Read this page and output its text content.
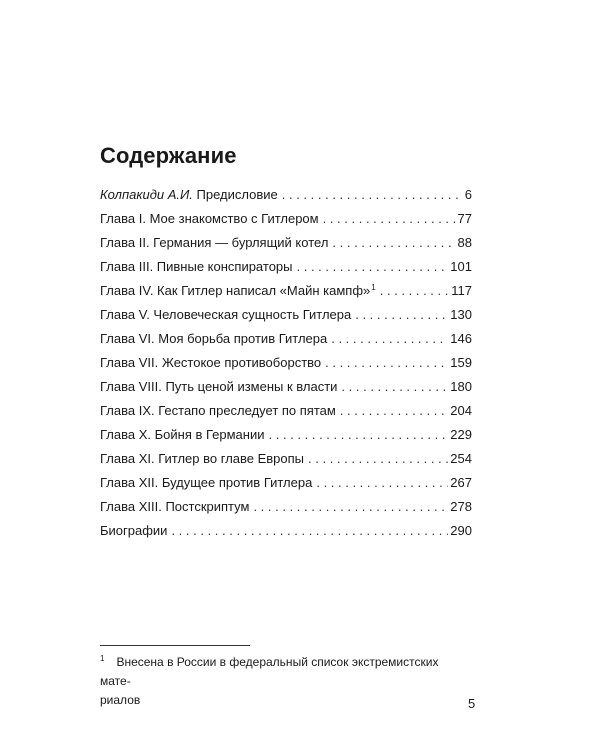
Содержание
Колпакиди А.И. Предисловие . . .	6
Глава I. Мое знакомство с Гитлером . . .	77
Глава II. Германия — бурлящий котел . . .	88
Глава III. Пивные конспираторы . . .	101
Глава IV. Как Гитлер написал «Майн кампф»$^1$ . . .	117
Глава V. Человеческая сущность Гитлера . . .	130
Глава VI. Моя борьба против Гитлера . . .	146
Глава VII. Жестокое противоборство . . .	159
Глава VIII. Путь ценой измены к власти . . .	180
Глава IX. Гестапо преследует по пятам . . .	204
Глава X. Бойня в Германии . . .	229
Глава XI. Гитлер во главе Европы . . .	254
Глава XII. Будущее против Гитлера . . .	267
Глава XIII. Постскриптум . . .	278
Биографии . . .	290

$^1$ Внесена в России в федеральный список экстремистских мате-
риалов	5
